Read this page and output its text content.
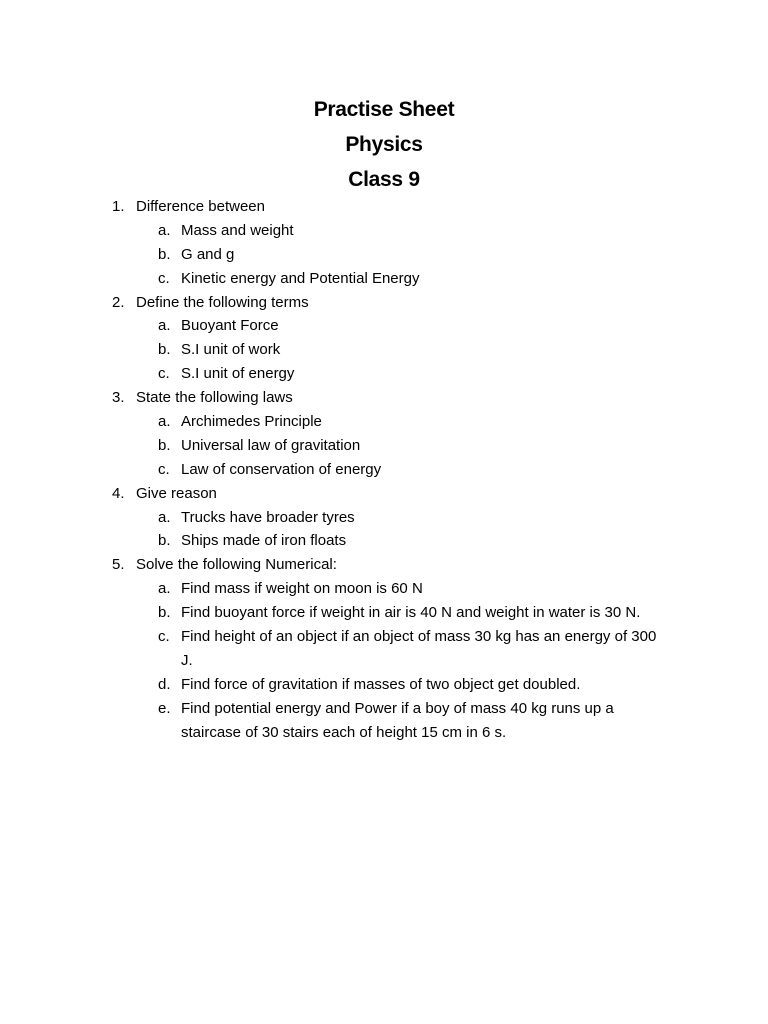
Practise Sheet
Physics
Class 9
1. Difference between
a. Mass and weight
b. G and g
c. Kinetic energy and Potential Energy
2. Define the following terms
a. Buoyant Force
b. S.I unit of work
c. S.I unit of energy
3. State the following laws
a. Archimedes Principle
b. Universal law of gravitation
c. Law of conservation of energy
4. Give reason
a. Trucks have broader tyres
b. Ships made of iron floats
5. Solve the following Numerical:
a. Find mass if weight on moon is 60 N
b. Find buoyant force if weight in air is 40 N and weight in water is 30 N.
c. Find height of an object if an object of mass 30 kg has an energy of 300 J.
d. Find force of gravitation if masses of two object get doubled.
e. Find potential energy and Power if a boy of mass 40 kg runs up a staircase of 30 stairs each of height 15 cm in 6 s.
